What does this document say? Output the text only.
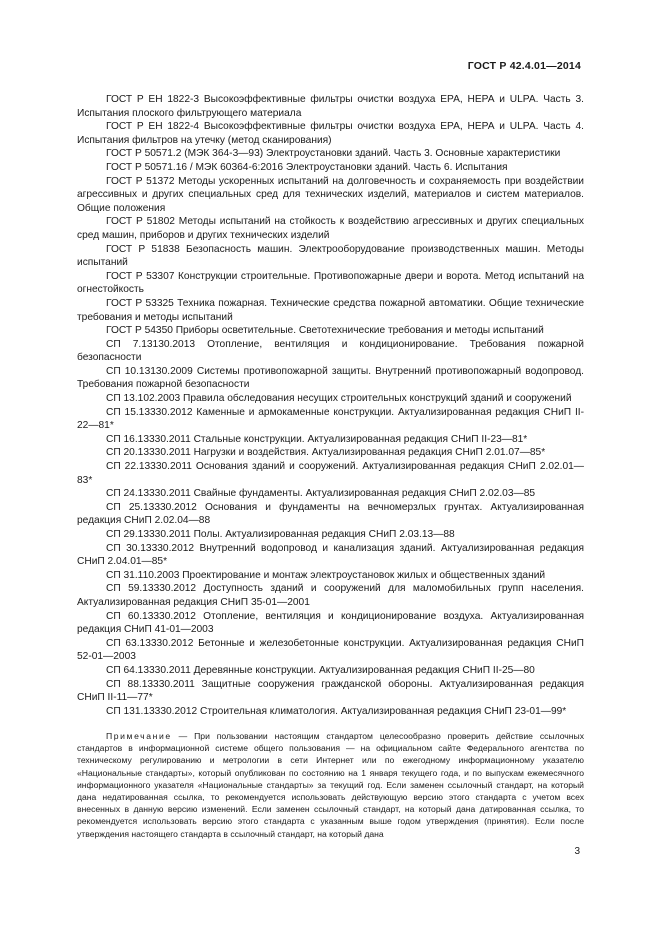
ГОСТ Р 42.4.01—2014

ГОСТ Р ЕН 1822-3 Высокоэффективные фильтры очистки воздуха ЕРА, НЕРА и ULPA. Часть 3. Испытания плоского фильтрующего материала

ГОСТ Р ЕН 1822-4 Высокоэффективные фильтры очистки воздуха ЕРА, НЕРА и ULPA. Часть 4. Испытания фильтров на утечку (метод сканирования)

ГОСТ Р 50571.2 (МЭК 364-3—93) Электроустановки зданий. Часть 3. Основные характеристики

ГОСТ Р 50571.16 / МЭК 60364-6:2016 Электроустановки зданий. Часть 6. Испытания

ГОСТ Р 51372 Методы ускоренных испытаний на долговечность и сохраняемость при воздействии агрессивных и других специальных сред для технических изделий, материалов и систем материалов. Общие положения

ГОСТ Р 51802 Методы испытаний на стойкость к воздействию агрессивных и других специальных сред машин, приборов и других технических изделий

ГОСТ Р 51838 Безопасность машин. Электрооборудование производственных машин. Методы испытаний

ГОСТ Р 53307 Конструкции строительные. Противопожарные двери и ворота. Метод испытаний на огнестойкость

ГОСТ Р 53325 Техника пожарная. Технические средства пожарной автоматики. Общие технические требования и методы испытаний

ГОСТ Р 54350 Приборы осветительные. Светотехнические требования и методы испытаний

СП 7.13130.2013 Отопление, вентиляция и кондиционирование. Требования пожарной безопасности

СП 10.13130.2009 Системы противопожарной защиты. Внутренний противопожарный водопровод. Требования пожарной безопасности

СП 13.102.2003 Правила обследования несущих строительных конструкций зданий и сооружений

СП 15.13330.2012 Каменные и армокаменные конструкции. Актуализированная редакция СНиП II-22—81*

СП 16.13330.2011 Стальные конструкции. Актуализированная редакция СНиП II-23—81*

СП 20.13330.2011 Нагрузки и воздействия. Актуализированная редакция СНиП 2.01.07—85*

СП 22.13330.2011 Основания зданий и сооружений. Актуализированная редакция СНиП 2.02.01—83*

СП 24.13330.2011 Свайные фундаменты. Актуализированная редакция СНиП 2.02.03—85

СП 25.13330.2012 Основания и фундаменты на вечномерзлых грунтах. Актуализированная редакция СНиП 2.02.04—88

СП 29.13330.2011 Полы. Актуализированная редакция СНиП 2.03.13—88

СП 30.13330.2012 Внутренний водопровод и канализация зданий. Актуализированная редакция СНиП 2.04.01—85*

СП 31.110.2003 Проектирование и монтаж электроустановок жилых и общественных зданий

СП 59.13330.2012 Доступность зданий и сооружений для маломобильных групп населения. Актуализированная редакция СНиП 35-01—2001

СП 60.13330.2012 Отопление, вентиляция и кондиционирование воздуха. Актуализированная редакция СНиП 41-01—2003

СП 63.13330.2012 Бетонные и железобетонные конструкции. Актуализированная редакция СНиП 52-01—2003

СП 64.13330.2011 Деревянные конструкции. Актуализированная редакция СНиП II-25—80

СП 88.13330.2011 Защитные сооружения гражданской обороны. Актуализированная редакция СНиП II-11—77*

СП 131.13330.2012 Строительная климатология. Актуализированная редакция СНиП 23-01—99*

Примечание — При пользовании настоящим стандартом целесообразно проверить действие ссылочных стандартов в информационной системе общего пользования — на официальном сайте Федерального агентства по техническому регулированию и метрологии в сети Интернет или по ежегодному информационному указателю «Национальные стандарты», который опубликован по состоянию на 1 января текущего года, и по выпускам ежемесячного информационного указателя «Национальные стандарты» за текущий год. Если заменен ссылочный стандарт, на который дана недатированная ссылка, то рекомендуется использовать действующую версию этого стандарта с учетом всех внесенных в данную версию изменений. Если заменен ссылочный стандарт, на который дана датированная ссылка, то рекомендуется использовать версию этого стандарта с указанным выше годом утверждения (принятия). Если после утверждения настоящего стандарта в ссылочный стандарт, на который дана

3
